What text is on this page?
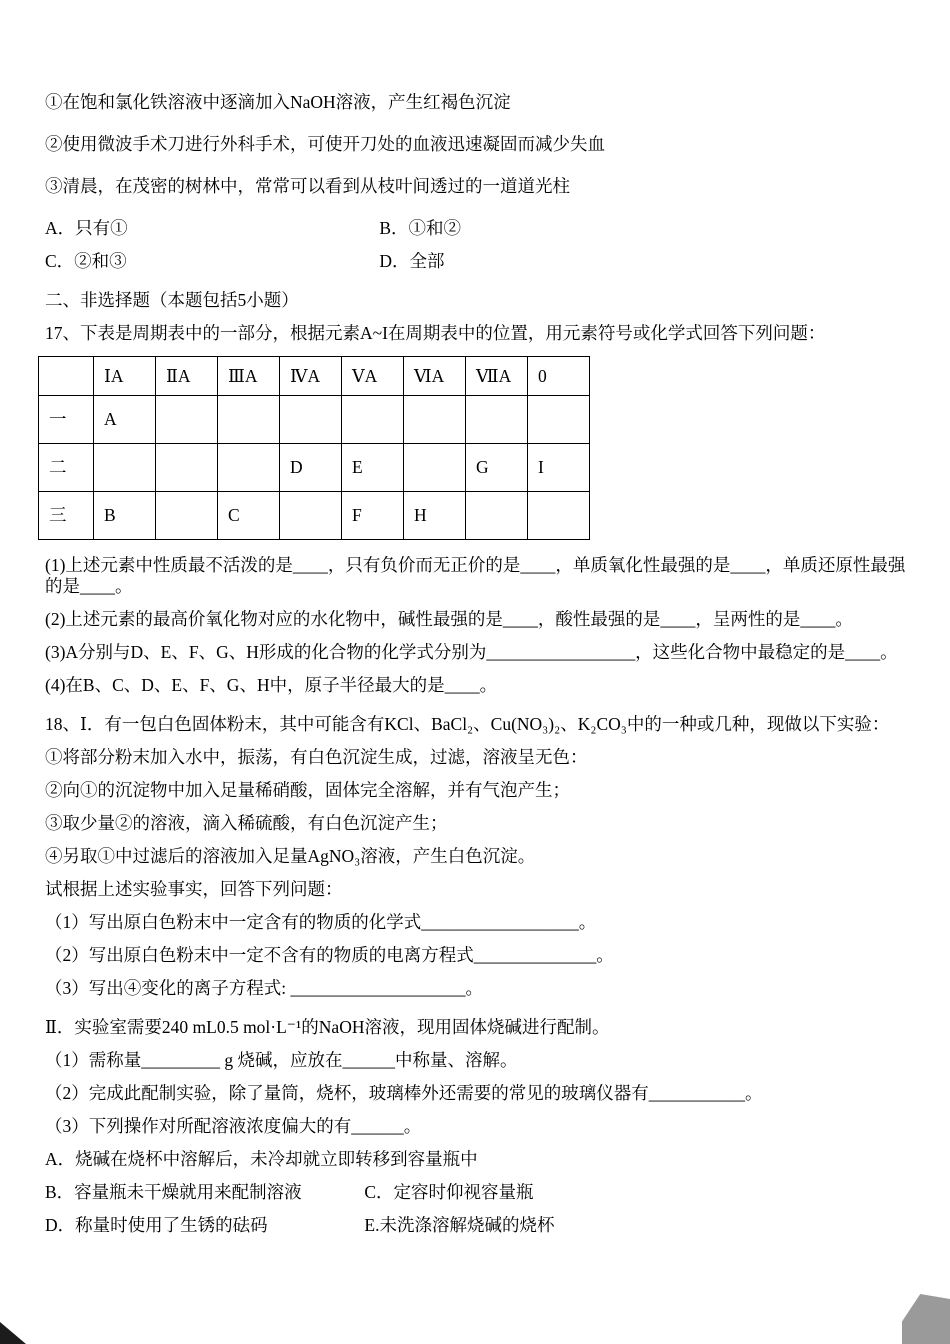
①在饱和氯化铁溶液中逐滴加入NaOH溶液，产生红褐色沉淀

②使用微波手术刀进行外科手术，可使开刀处的血液迅速凝固而减少失血

③清晨，在茂密的树林中，常常可以看到从枝叶间透过的一道道光柱

A．只有①	B．①和②

C．②和③	D．全部

二、非选择题（本题包括5小题）

17、下表是周期表中的一部分，根据元素A~I在周期表中的位置，用元素符号或化学式回答下列问题：

	ⅠA	ⅡA	ⅢA	ⅣA	ⅤA	ⅥA	ⅦA	0
一	A							
二				D	E		G	I
三	B		C		F	H		

(1)上述元素中性质最不活泼的是____，只有负价而无正价的是____，单质氧化性最强的是____，单质还原性最强的是____。

(2)上述元素的最高价氧化物对应的水化物中，碱性最强的是____，酸性最强的是____，呈两性的是____。

(3)A分别与D、E、F、G、H形成的化合物的化学式分别为_________________，这些化合物中最稳定的是____。

(4)在B、C、D、E、F、G、H中，原子半径最大的是____。

18、Ⅰ．有一包白色固体粉末，其中可能含有KCl、BaCl₂、Cu(NO₃)₂、K₂CO₃中的一种或几种，现做以下实验：

①将部分粉末加入水中，振荡，有白色沉淀生成，过滤，溶液呈无色：

②向①的沉淀物中加入足量稀硝酸，固体完全溶解，并有气泡产生；

③取少量②的溶液，滴入稀硫酸，有白色沉淀产生；

④另取①中过滤后的溶液加入足量AgNO₃溶液，产生白色沉淀。

试根据上述实验事实，回答下列问题：

（1）写出原白色粉末中一定含有的物质的化学式__________________。

（2）写出原白色粉末中一定不含有的物质的电离方程式______________。

（3）写出④变化的离子方程式: ____________________。

Ⅱ．实验室需要240 mL0.5 mol·L⁻¹的NaOH溶液，现用固体烧碱进行配制。

（1）需称量_________ g 烧碱，应放在______中称量、溶解。

（2）完成此配制实验，除了量筒，烧杯，玻璃棒外还需要的常见的玻璃仪器有___________。

（3）下列操作对所配溶液浓度偏大的有______。

A．烧碱在烧杯中溶解后，未冷却就立即转移到容量瓶中

B．容量瓶未干燥就用来配制溶液	C．定容时仰视容量瓶

D．称量时使用了生锈的砝码	E.未洗涤溶解烧碱的烧杯
